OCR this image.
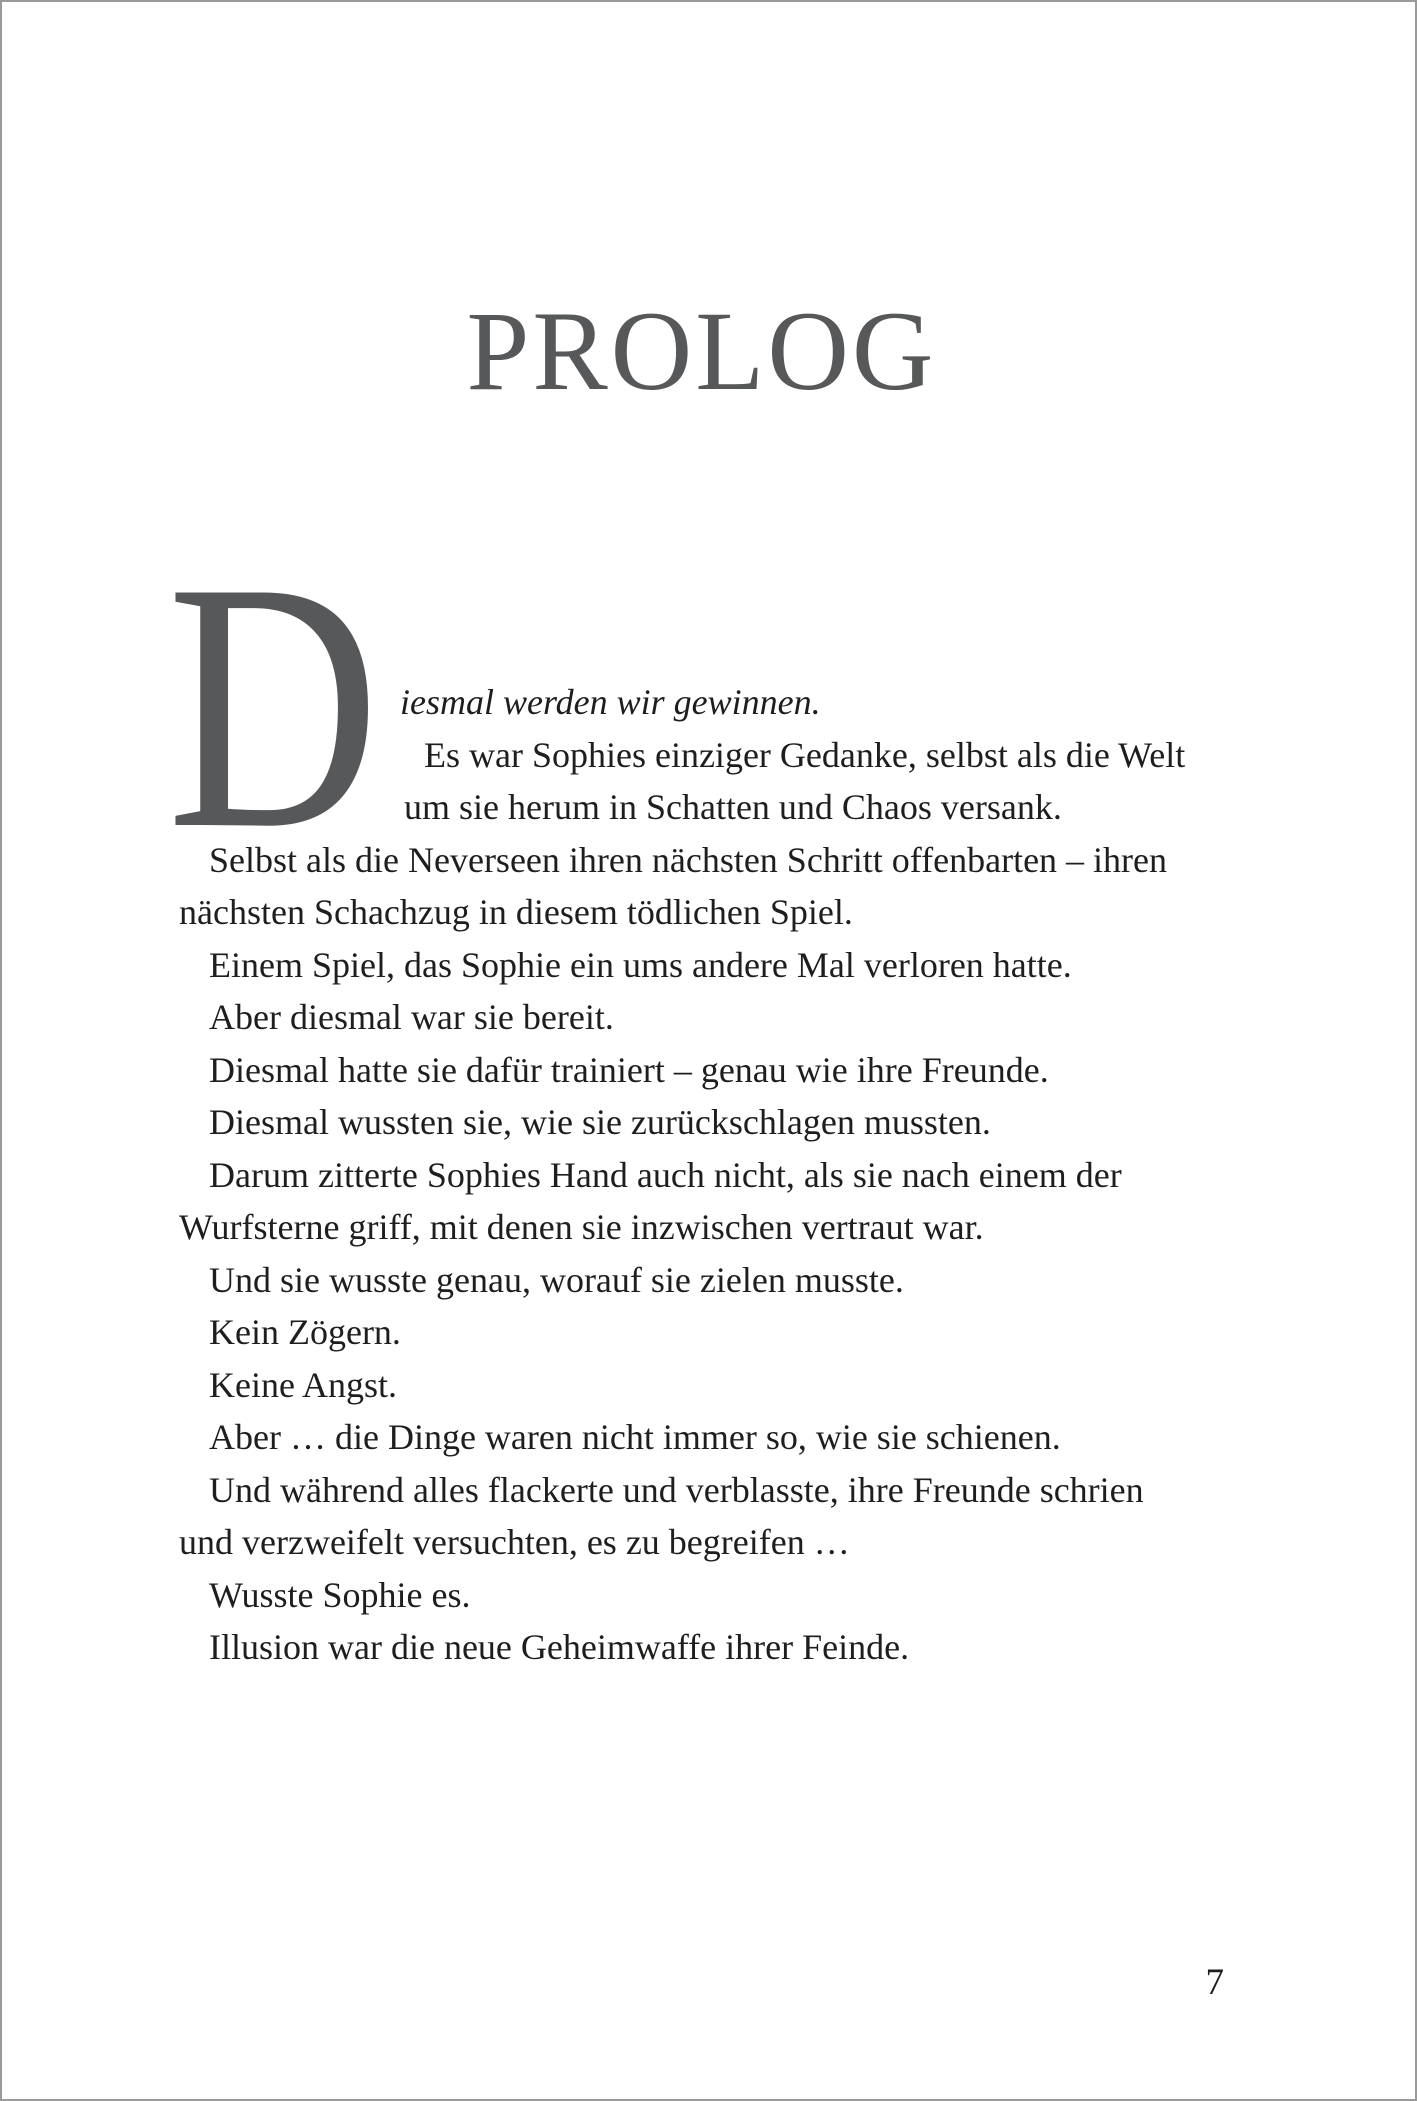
PROLOG
D iesmal werden wir gewinnen.
Es war Sophies einziger Gedanke, selbst als die Welt
um sie herum in Schatten und Chaos versank.
Selbst als die Neverseen ihren nächsten Schritt offenbarten – ihren
nächsten Schachzug in diesem tödlichen Spiel.
Einem Spiel, das Sophie ein ums andere Mal verloren hatte.
Aber diesmal war sie bereit.
Diesmal hatte sie dafür trainiert – genau wie ihre Freunde.
Diesmal wussten sie, wie sie zurückschlagen mussten.
Darum zitterte Sophies Hand auch nicht, als sie nach einem der
Wurfsterne griff, mit denen sie inzwischen vertraut war.
Und sie wusste genau, worauf sie zielen musste.
Kein Zögern.
Keine Angst.
Aber … die Dinge waren nicht immer so, wie sie schienen.
Und während alles flackerte und verblasste, ihre Freunde schrien
und verzweifelt versuchten, es zu begreifen …
Wusste Sophie es.
Illusion war die neue Geheimwaffe ihrer Feinde.
7
